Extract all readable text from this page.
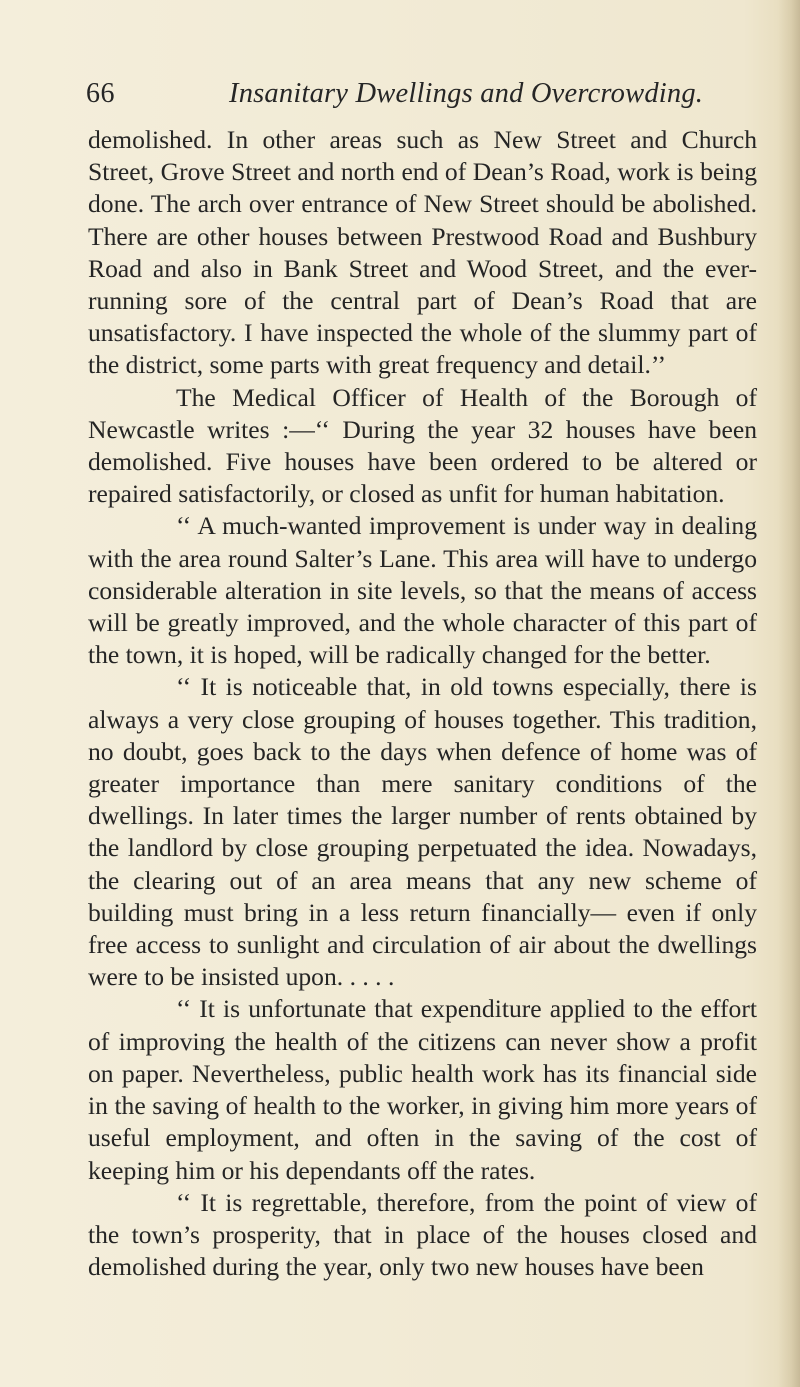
66	Insanitary Dwellings and Overcrowding.

demolished. In other areas such as New Street and Church Street, Grove Street and north end of Dean’s Road, work is being done. The arch over entrance of New Street should be abolished. There are other houses between Prestwood Road and Bushbury Road and also in Bank Street and Wood Street, and the ever-running sore of the central part of Dean’s Road that are unsatisfactory. I have inspected the whole of the slummy part of the district, some parts with great frequency and detail.’’

The Medical Officer of Health of the Borough of Newcastle writes :—‘‘ During the year 32 houses have been demolished. Five houses have been ordered to be altered or repaired satisfactorily, or closed as unfit for human habitation.

‘‘ A much-wanted improvement is under way in dealing with the area round Salter’s Lane. This area will have to undergo considerable alteration in site levels, so that the means of access will be greatly improved, and the whole character of this part of the town, it is hoped, will be radically changed for the better.

‘‘ It is noticeable that, in old towns especially, there is always a very close grouping of houses together. This tradition, no doubt, goes back to the days when defence of home was of greater importance than mere sanitary conditions of the dwellings. In later times the larger number of rents obtained by the landlord by close grouping perpetuated the idea. Nowadays, the clearing out of an area means that any new scheme of building must bring in a less return financially— even if only free access to sunlight and circulation of air about the dwellings were to be insisted upon. . . . .

‘‘ It is unfortunate that expenditure applied to the effort of improving the health of the citizens can never show a profit on paper. Nevertheless, public health work has its financial side in the saving of health to the worker, in giving him more years of useful employment, and often in the saving of the cost of keeping him or his dependants off the rates.

‘‘ It is regrettable, therefore, from the point of view of the town’s prosperity, that in place of the houses closed and demolished during the year, only two new houses have been
